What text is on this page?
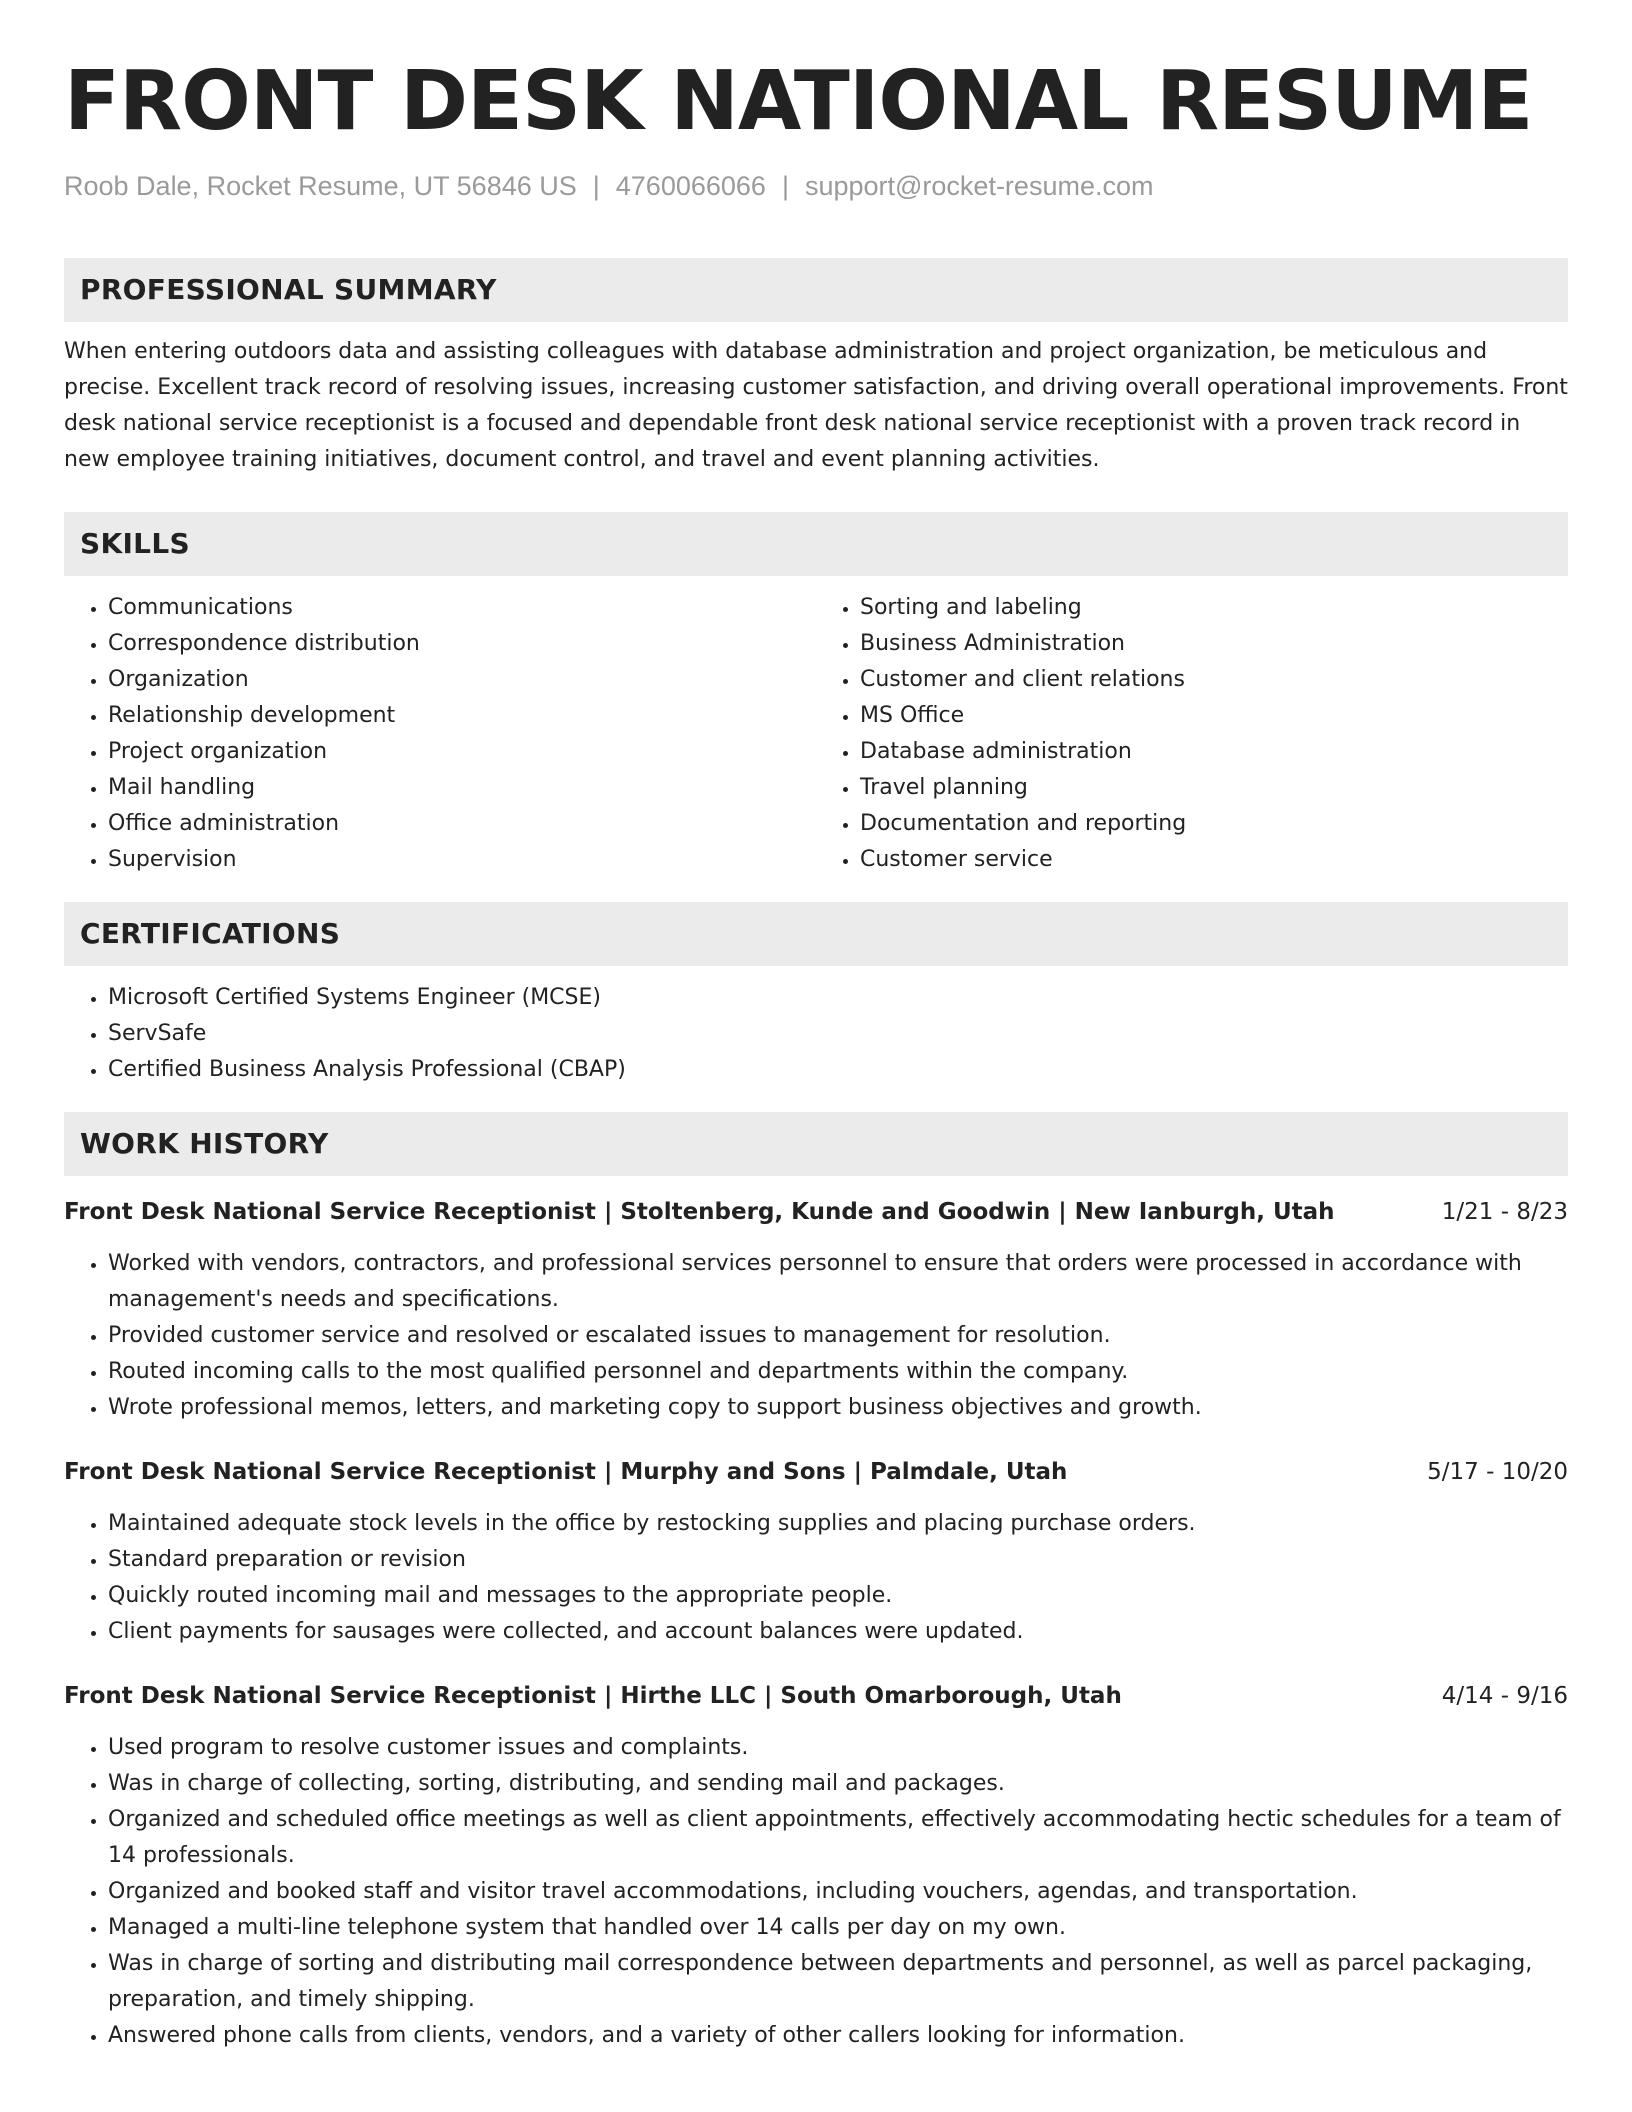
FRONT DESK NATIONAL RESUME
Roob Dale, Rocket Resume, UT 56846 US | 4760066066 | support@rocket-resume.com
PROFESSIONAL SUMMARY
When entering outdoors data and assisting colleagues with database administration and project organization, be meticulous and precise. Excellent track record of resolving issues, increasing customer satisfaction, and driving overall operational improvements. Front desk national service receptionist is a focused and dependable front desk national service receptionist with a proven track record in new employee training initiatives, document control, and travel and event planning activities.
SKILLS
• Communications
• Correspondence distribution
• Organization
• Relationship development
• Project organization
• Mail handling
• Office administration
• Supervision
• Sorting and labeling
• Business Administration
• Customer and client relations
• MS Office
• Database administration
• Travel planning
• Documentation and reporting
• Customer service
CERTIFICATIONS
• Microsoft Certified Systems Engineer (MCSE)
• ServSafe
• Certified Business Analysis Professional (CBAP)
WORK HISTORY
Front Desk National Service Receptionist | Stoltenberg, Kunde and Goodwin | New Ianburgh, Utah	1/21 - 8/23
• Worked with vendors, contractors, and professional services personnel to ensure that orders were processed in accordance with management's needs and specifications.
• Provided customer service and resolved or escalated issues to management for resolution.
• Routed incoming calls to the most qualified personnel and departments within the company.
• Wrote professional memos, letters, and marketing copy to support business objectives and growth.
Front Desk National Service Receptionist | Murphy and Sons | Palmdale, Utah	5/17 - 10/20
• Maintained adequate stock levels in the office by restocking supplies and placing purchase orders.
• Standard preparation or revision
• Quickly routed incoming mail and messages to the appropriate people.
• Client payments for sausages were collected, and account balances were updated.
Front Desk National Service Receptionist | Hirthe LLC | South Omarborough, Utah	4/14 - 9/16
• Used program to resolve customer issues and complaints.
• Was in charge of collecting, sorting, distributing, and sending mail and packages.
• Organized and scheduled office meetings as well as client appointments, effectively accommodating hectic schedules for a team of 14 professionals.
• Organized and booked staff and visitor travel accommodations, including vouchers, agendas, and transportation.
• Managed a multi-line telephone system that handled over 14 calls per day on my own.
• Was in charge of sorting and distributing mail correspondence between departments and personnel, as well as parcel packaging, preparation, and timely shipping.
• Answered phone calls from clients, vendors, and a variety of other callers looking for information.
